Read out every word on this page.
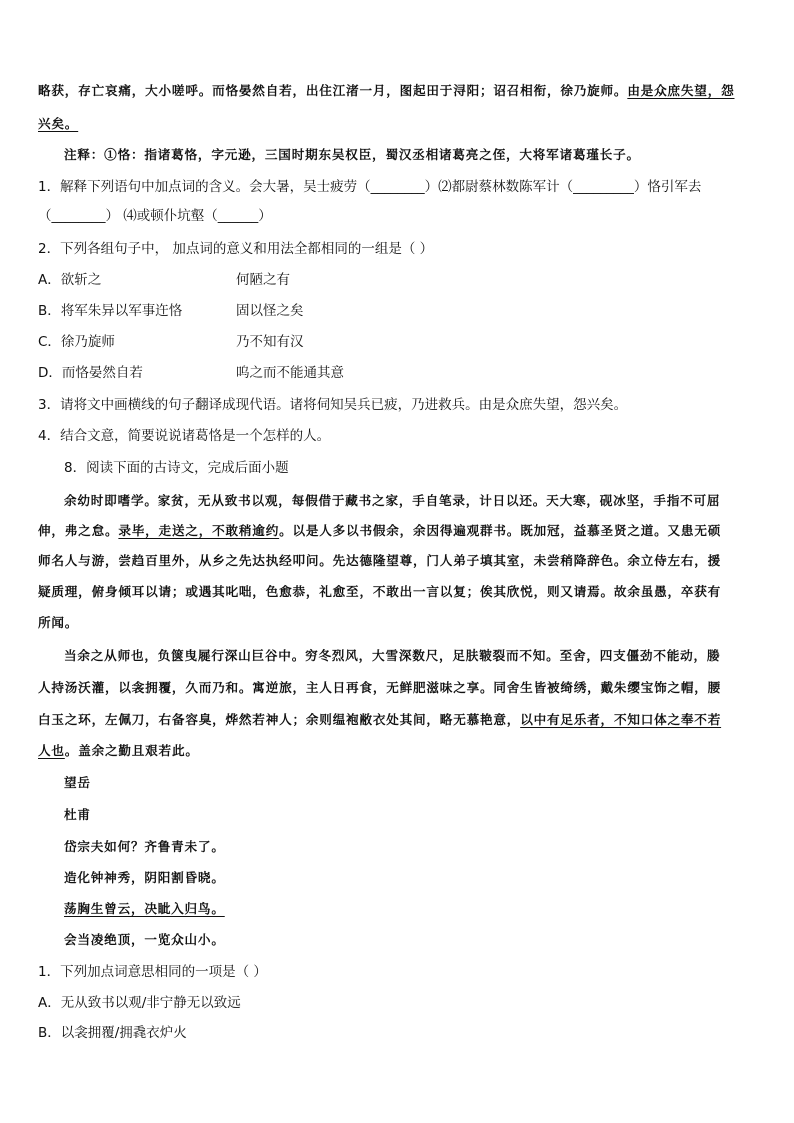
略获，存亡哀痛，大小嗟呼。而恪晏然自若，出住江渚一月，图起田于浔阳；诏召相衔，徐乃旋师。由是众庶失望，怨
兴矣。
注释：①恪：指诸葛恪，字元逊，三国时期东吴权臣，蜀汉丞相诸葛亮之侄，大将军诸葛瑾长子。
1．解释下列语句中加点词的含义。会大暑，吴士疲劳（________）⑵都尉蔡林数陈军计（_________）恪引军去
（________） ⑷或顿仆坑壑（______）
2．下列各组句子中， 加点词的意义和用法全都相同的一组是（ ）
A．欲斩之	何陋之有
B．将军朱异以军事迕恪	固以怪之矣
C．徐乃旋师	乃不知有汉
D．而恪晏然自若	呜之而不能通其意
3．请将文中画横线的句子翻译成现代语。诸将伺知吴兵已疲，乃进救兵。由是众庶失望，怨兴矣。
4．结合文意，简要说说诸葛恪是一个怎样的人。
8．阅读下面的古诗文，完成后面小题
余幼时即嗜学。家贫，无从致书以观，每假借于藏书之家，手自笔录，计日以还。天大寒，砚冰坚，手指不可屈
伸，弗之怠。录毕，走送之，不敢稍逾约。以是人多以书假余，余因得遍观群书。既加冠，益慕圣贤之道。又患无硕
师名人与游，尝趋百里外，从乡之先达执经叩问。先达德隆望尊，门人弟子填其室，未尝稍降辞色。余立侍左右，援
疑质理，俯身倾耳以请；或遇其叱咄，色愈恭，礼愈至，不敢出一言以复；俟其欣悦，则又请焉。故余虽愚，卒获有
所闻。
当余之从师也，负箧曳屣行深山巨谷中。穷冬烈风，大雪深数尺，足肤皲裂而不知。至舍，四支僵劲不能动，媵
人持汤沃灌，以衾拥覆，久而乃和。寓逆旅，主人日再食，无鲜肥滋味之享。同舍生皆被绮绣，戴朱缨宝饰之帽，腰
白玉之环，左佩刀，右备容臭，烨然若神人；余则缊袍敝衣处其间，略无慕艳意，以中有足乐者，不知口体之奉不若
人也。盖余之勤且艰若此。
望岳
杜甫
岱宗夫如何？齐鲁青未了。
造化钟神秀，阴阳割昏晓。
荡胸生曾云，决眦入归鸟。
会当凌绝顶，一览众山小。
1．下列加点词意思相同的一项是（ ）
A．无从致书以观/非宁静无以致远
B．以衾拥覆/拥毳衣炉火
